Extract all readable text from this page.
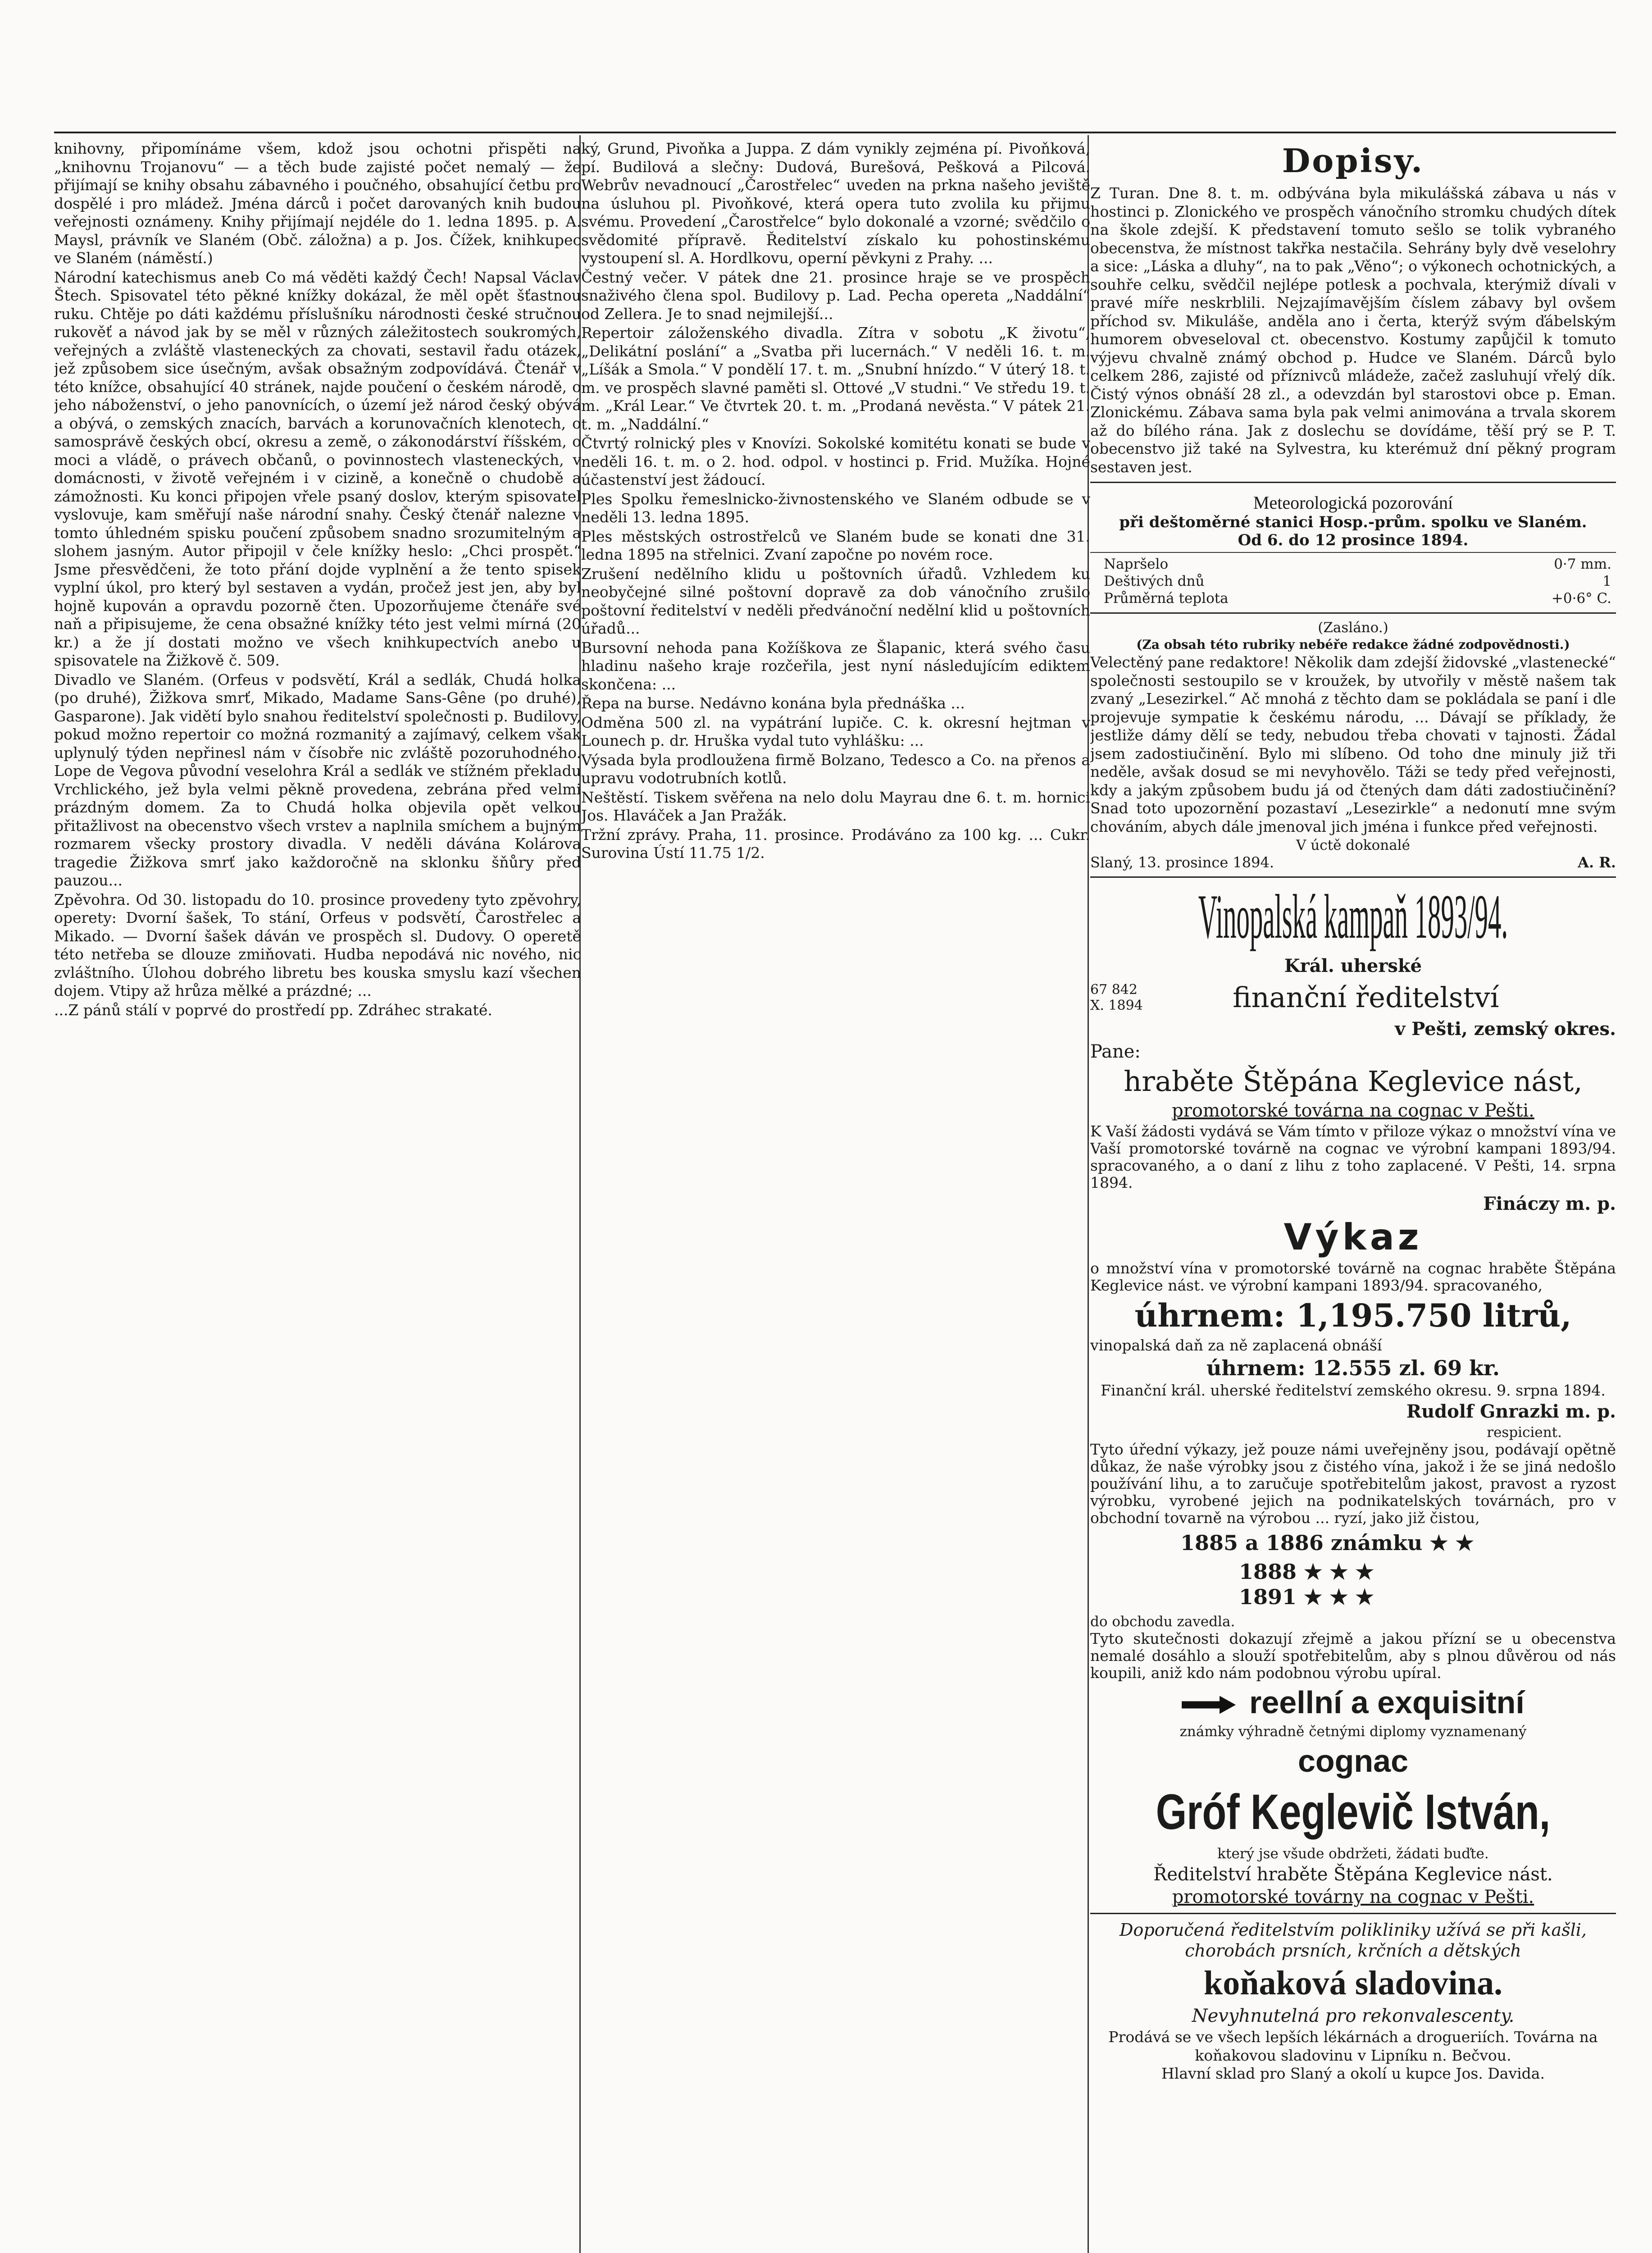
knihovny, připomínáme všem, kdož jsou ochotni přispěti na „knihovnu Trojanovu“ — a těch bude zajisté počet nemalý — že přijímají se knihy obsahu zábavného i poučného, obsahující četbu pro dospělé i pro mládež. Jména dárců i počet darovaných knih budou veřejnosti oznámeny. Knihy přijímají nejdéle do 1. ledna 1895. p. A. Maysl, právník ve Slaném (Obč. záložna) a p. Jos. Čížek, knihkupec ve Slaném (náměstí.)

Národní katechismus aneb Co má věděti každý Čech! Napsal Václav Štech. Spisovatel této pěkné knížky dokázal, že měl opět šťastnou ruku. Chtěje po dáti každému příslušníku národnosti české stručnou rukověť a návod jak by se měl v různých záležitostech soukromých, veřejných a zvláště vlasteneckých za chovati, sestavil řadu otázek, jež způsobem sice úsečným, avšak obsažným zodpovídává. Čtenář v této knížce, obsahující 40 stránek, najde poučení o českém národě, o jeho náboženství, o jeho panovnících, o území jež národ český obývá a obývá, o zemských znacích, barvách a korunovačních klenotech, o samosprávě českých obcí, okresu a země, o zákonodárství říšském, o moci a vládě, o právech občanů, o povinnostech vlasteneckých, v domácnosti, v životě veřejném i v cizině, a konečně o chudobě a zámožnosti. Ku konci připojen vřele psaný doslov, kterým spisovatel vyslovuje, kam směřují naše národní snahy. Český čtenář nalezne v tomto úhledném spisku poučení způsobem snadno srozumitelným a slohem jasným. Autor připojil v čele knížky heslo: „Chci prospět.“ Jsme přesvědčeni, že toto přání dojde vyplnění a že tento spisek vyplní úkol, pro který byl sestaven a vydán, pročež jest jen, aby byl hojně kupován a opravdu pozorně čten. Upozorňujeme čtenáře své naň a připisujeme, že cena obsažné knížky této jest velmi mírná (20 kr.) a že jí dostati možno ve všech knihkupectvích anebo u spisovatele na Žižkově č. 509.

Divadlo ve Slaném. (Orfeus v podsvětí, Král a sedlák, Chudá holka (po druhé), Žižkova smrť, Mikado, Madame Sans-Gêne (po druhé), Gasparone). Jak vidětí bylo snahou ředitelství společnosti p. Budilovy, pokud možno repertoir co možná rozmanitý a zajímavý, celkem však uplynulý týden nepřinesl nám v čísobře nic zvláště pozoruhodného. Lope de Vegova původní veselohra Král a sedlák ve stížném překladu Vrchlického, jež byla velmi pěkně provedena, zebrána před velmi prázdným domem. Za to Chudá holka objevila opět velkou přitažlivost na obecenstvo všech vrstev a naplnila smíchem a bujným rozmarem všecky prostory divadla. V neděli dávána Kolárova tragedie Žižkova smrť jako každoročně na sklonku šňůry před pauzou...

Zpěvohra. Od 30. listopadu do 10. prosince provedeny tyto zpěvohry, operety: Dvorní šašek, To stání, Orfeus v podsvětí, Čarostřelec a Mikado. — Dvorní šašek dáván ve prospěch sl. Dudovy. O operetě této netřeba se dlouze zmiňovati. Hudba nepodává nic nového, nic zvláštního. Úlohou dobrého libretu bes kouska smyslu kazí všechen dojem. Vtipy až hrůza mělké a prázdné; ...

...Z pánů stálí v poprvé do prostředí pp. Zdráhec strakaté.

ký, Grund, Pivoňka a Juppa. Z dám vynikly zejména pí. Pivoňková, pí. Budilová a slečny: Dudová, Burešová, Pešková a Pilcová. Webrův nevadnoucí „Čarostřelec“ uveden na prkna našeho jeviště na úsluhou pl. Pivoňkové, která opera tuto zvolila ku přijmu svému. Provedení „Čarostřelce“ bylo dokonalé a vzorné; svědčilo o svědomité přípravě. Ředitelství získalo ku pohostinskému vystoupení sl. A. Hordlkovu, operní pěvkyni z Prahy. ...

Čestný večer. V pátek dne 21. prosince hraje se ve prospěch snaživého člena spol. Budilovy p. Lad. Pecha opereta „Naddální“ od Zellera. Je to snad nejmilejší...

Repertoir záloženského divadla. Zítra v sobotu „K životu“, „Delikátní poslání“ a „Svatba při lucernách.“ V neděli 16. t. m. „Líšák a Smola.“ V pondělí 17. t. m. „Snubní hnízdo.“ V úterý 18. t. m. ve prospěch slavné paměti sl. Ottové „V studni.“ Ve středu 19. t. m. „Král Lear.“ Ve čtvrtek 20. t. m. „Prodaná nevěsta.“ V pátek 21. t. m. „Naddální.“

Čtvrtý rolnický ples v Knovízi. Sokolské komitétu konati se bude v neděli 16. t. m. o 2. hod. odpol. v hostinci p. Frid. Mužíka. Hojné účastenství jest žádoucí.

Ples Spolku řemeslnicko-živnostenského ve Slaném odbude se v neděli 13. ledna 1895.

Ples městských ostrostřelců ve Slaném bude se konati dne 31. ledna 1895 na střelnici. Zvaní započne po novém roce.

Zrušení nedělního klidu u poštovních úřadů. Vzhledem ku neobyčejné silné poštovní dopravě za dob vánočního zrušilo poštovní ředitelství v neděli předvánoční nedělní klid u poštovních úřadů...

Bursovní nehoda pana Kožíškova ze Šlapanic, která svého času hladinu našeho kraje rozčeřila, jest nyní následujícím ediktem skončena: ...

Řepa na burse. Nedávno konána byla přednáška ...

Odměna 500 zl. na vypátrání lupiče. C. k. okresní hejtman v Lounech p. dr. Hruška vydal tuto vyhlášku: ...

Výsada byla prodloužena firmě Bolzano, Tedesco a Co. na přenos a upravu vodotrubních kotlů.

Neštěstí. Tiskem svěřena na nelo dolu Mayrau dne 6. t. m. hornici Jos. Hlaváček a Jan Pražák.

Tržní zprávy. Praha, 11. prosince. Prodáváno za 100 kg. ... Cukr. Surovina Ústí 11.75 1/2.

Dopisy.

Z Turan. Dne 8. t. m. odbývána byla mikulášská zábava u nás v hostinci p. Zlonického ve prospěch vánočního stromku chudých dítek na škole zdejší. K představení tomuto sešlo se tolik vybraného obecenstva, že místnost takřka nestačila. Sehrány byly dvě veselohry a sice: „Láska a dluhy“, na to pak „Věno“; o výkonech ochotnických, a souhře celku, svědčil nejlépe potlesk a pochvala, kterýmiž dívali v pravé míře neskrblili. Nejzajímavějším číslem zábavy byl ovšem příchod sv. Mikuláše, anděla ano i čerta, kterýž svým ďábelským humorem obveseloval ct. obecenstvo. Kostumy zapůjčil k tomuto výjevu chvalně známý obchod p. Hudce ve Slaném. Dárců bylo celkem 286, zajisté od příznivců mládeže, začež zasluhují vřelý dík. Čistý výnos obnáší 28 zl., a odevzdán byl starostovi obce p. Eman. Zlonickému. Zábava sama byla pak velmi animována a trvala skorem až do bílého rána. Jak z doslechu se dovídáme, těší prý se P. T. obecenstvo již také na Sylvestra, ku kterémuž dní pěkný program sestaven jest.

Meteorologická pozorování
při deštoměrné stanici Hosp.-prům. spolku ve Slaném.
Od 6. do 12 prosince 1894.
Napršelo	0·7 mm.
Deštivých dnů	1
Průměrná teplota	+0·6° C.
(Zasláno.)
(Za obsah této rubriky nebéře redakce žádné zodpovědnosti.)

Velectěný pane redaktore! Několik dam zdejší židovské „vlastenecké“ společnosti sestoupilo se v kroužek, by utvořily v městě našem tak zvaný „Lesezirkel.“ Ač mnohá z těchto dam se pokládala se paní i dle projevuje sympatie k českému národu, ... Dávají se příklady, že jestliže dámy dělí se tedy, nebudou třeba chovati v tajnosti. Žádal jsem zadostiučinění. Bylo mi slíbeno. Od toho dne minuly již tři neděle, avšak dosud se mi nevyhovělo. Táži se tedy před veřejnosti, kdy a jakým způsobem budu já od čtených dam dáti zadostiučinění? Snad toto upozornění pozastaví „Lesezirkle“ a nedonutí mne svým chováním, abych dále jmenoval jich jména i funkce před veřejnosti.

V úctě dokonalé
Slaný, 13. prosince 1894.	A. R.
Vinopalská kampaň 1893/94.
Král. uherské
67 842
X. 1894	finanční ředitelství
v Pešti, zemský okres.
Pane:
hraběte Štěpána Keglevice nást,
promotorské továrna na cognac v Pešti.

K Vaší žádosti vydává se Vám tímto v přiloze výkaz o množství vína ve Vaší promotorské továrně na cognac ve výrobní kampani 1893/94. spracovaného, a o daní z lihu z toho zaplacené. V Pešti, 14. srpna 1894.

Fináczy m. p.
Výkaz

o množství vína v promotorské továrně na cognac hraběte Štěpána Keglevice nást. ve výrobní kampani 1893/94. spracovaného,

úhrnem: 1,195.750 litrů,

vinopalská daň za ně zaplacená obnáší

úhrnem: 12.555 zl. 69 kr.

Finanční král. uherské ředitelství zemského okresu. 9. srpna 1894.

Rudolf Gnrazki m. p.
respicient.

Tyto úřední výkazy, jež pouze námi uveřejněny jsou, podávají opětně důkaz, že naše výrobky jsou z čistého vína, jakož i že se jiná nedošlo používání lihu, a to zaručuje spotřebitelům jakost, pravost a ryzost výrobku, vyrobené jejich na podnikatelských továrnách, pro v obchodní tovarně na výrobou ... ryzí, jako již čistou,

1885 a 1886 známku ★ ★
1888 ★ ★ ★
1891 ★ ★ ★
do obchodu zavedla.

Tyto skutečnosti dokazují zřejmě a jakou přízní se u obecenstva nemalé dosáhlo a slouží spotřebitelům, aby s plnou důvěrou od nás koupili, aniž kdo nám podobnou výrobu upíral.

reellní a exquisitní
známky výhradně četnými diplomy vyznamenaný
cognac
Gróf Keglevič István,
který jse všude obdržeti, žádati buďte.
Ředitelství hraběte Štěpána Keglevice nást.
promotorské továrny na cognac v Pešti.

Doporučená ředitelstvím polikliniky užívá se při kašli, chorobách prsních, krčních a dětských

koňaková sladovina.
Nevyhnutelná pro rekonvalescenty.

Prodává se ve všech lepších lékárnách a drogueriích. Továrna na koňakovou sladovinu v Lipníku n. Bečvou.

Hlavní sklad pro Slaný a okolí u kupce Jos. Davida.
